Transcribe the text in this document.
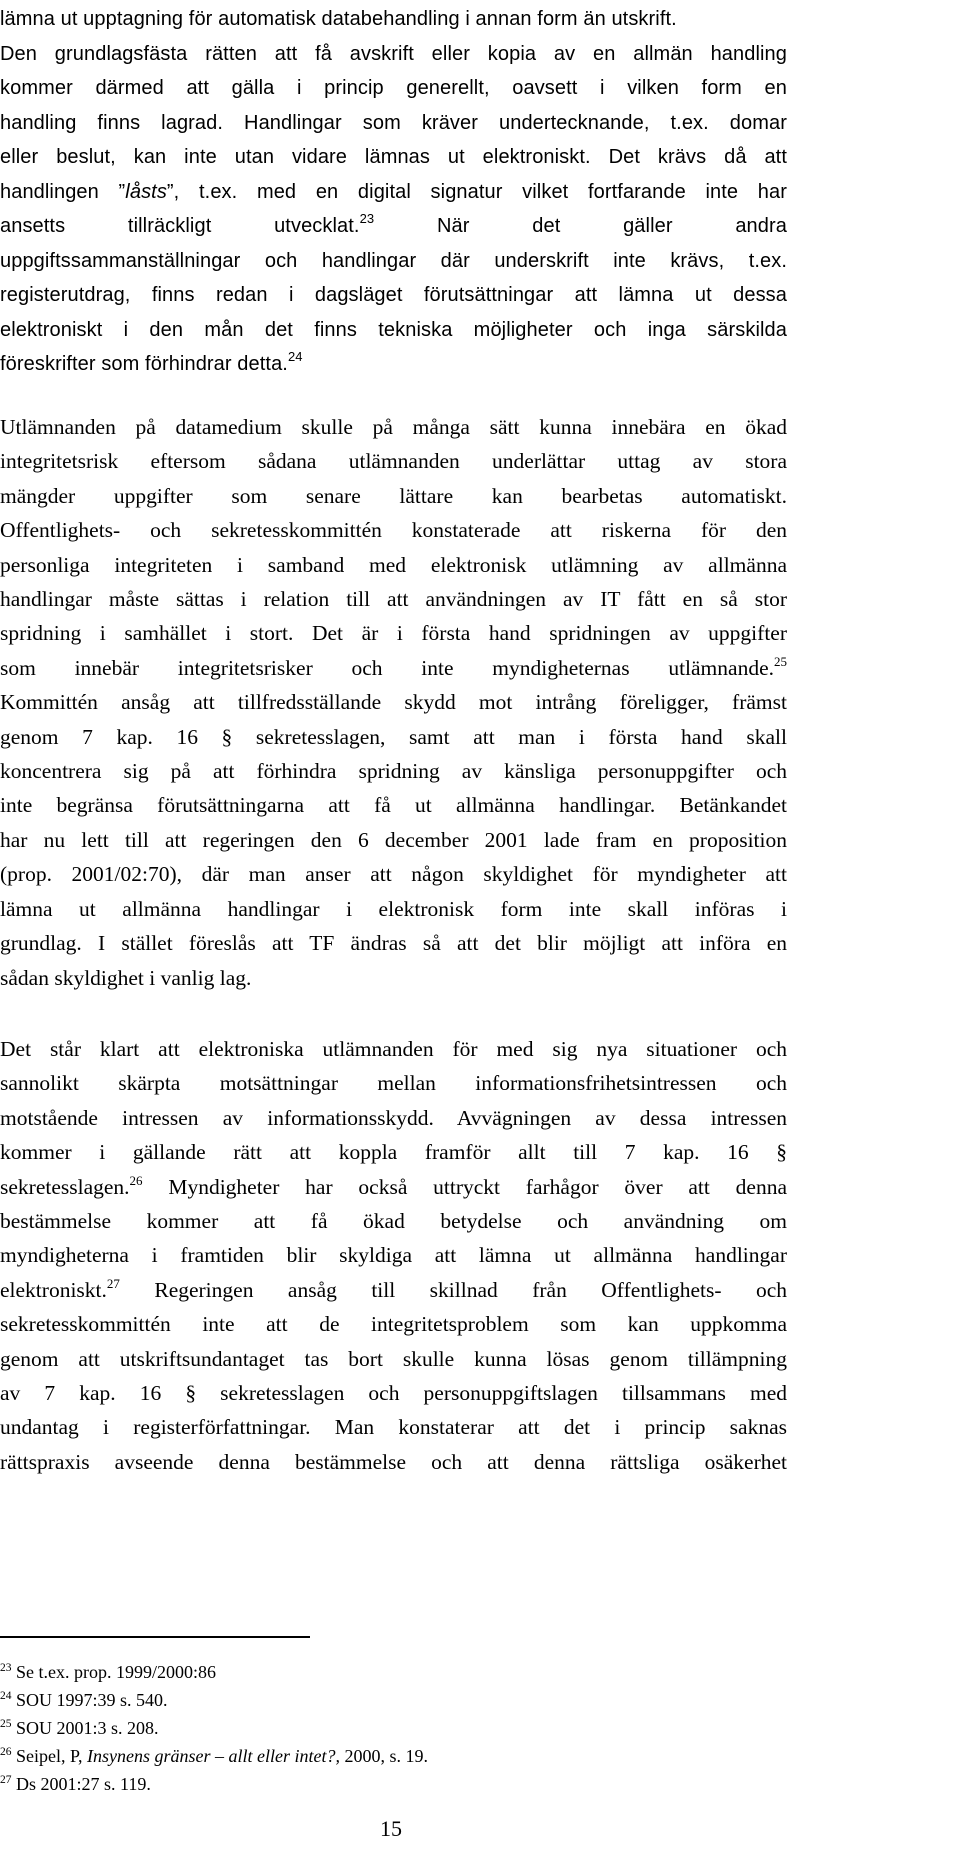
lämna ut upptagning för automatisk databehandling i annan form än utskrift.
Den grundlagsfästa rätten att få avskrift eller kopia av en allmän handling
kommer därmed att gälla i princip generellt, oavsett i vilken form en
handling finns lagrad. Handlingar som kräver undertecknande, t.ex. domar
eller beslut, kan inte utan vidare lämnas ut elektroniskt. Det krävs då att
handlingen ”låsts”, t.ex. med en digital signatur vilket fortfarande inte har
ansetts tillräckligt utvecklat.$^{23}$ När det gäller andra
uppgiftssammanställningar och handlingar där underskrift inte krävs, t.ex.
registerutdrag, finns redan i dagsläget förutsättningar att lämna ut dessa
elektroniskt i den mån det finns tekniska möjligheter och inga särskilda
föreskrifter som förhindrar detta.$^{24}$
Utlämnanden på datamedium skulle på många sätt kunna innebära en ökad
integritetsrisk eftersom sådana utlämnanden underlättar uttag av stora
mängder uppgifter som senare lättare kan bearbetas automatiskt.
Offentlighets- och sekretesskommittén konstaterade att riskerna för den
personliga integriteten i samband med elektronisk utlämning av allmänna
handlingar måste sättas i relation till att användningen av IT fått en så stor
spridning i samhället i stort. Det är i första hand spridningen av uppgifter
som innebär integritetsrisker och inte myndigheternas utlämnande.$^{25}$
Kommittén ansåg att tillfredsställande skydd mot intrång föreligger, främst
genom 7 kap. 16 § sekretesslagen, samt att man i första hand skall
koncentrera sig på att förhindra spridning av känsliga personuppgifter och
inte begränsa förutsättningarna att få ut allmänna handlingar. Betänkandet
har nu lett till att regeringen den 6 december 2001 lade fram en proposition
(prop. 2001/02:70), där man anser att någon skyldighet för myndigheter att
lämna ut allmänna handlingar i elektronisk form inte skall införas i
grundlag. I stället föreslås att TF ändras så att det blir möjligt att införa en
sådan skyldighet i vanlig lag.
Det står klart att elektroniska utlämnanden för med sig nya situationer och
sannolikt skärpta motsättningar mellan informationsfrihetsintressen och
motstående intressen av informationsskydd. Avvägningen av dessa intressen
kommer i gällande rätt att koppla framför allt till 7 kap. 16 §
sekretesslagen.$^{26}$ Myndigheter har också uttryckt farhågor över att denna
bestämmelse kommer att få ökad betydelse och användning om
myndigheterna i framtiden blir skyldiga att lämna ut allmänna handlingar
elektroniskt.$^{27}$ Regeringen ansåg till skillnad från Offentlighets- och
sekretesskommittén inte att de integritetsproblem som kan uppkomma
genom att utskriftsundantaget tas bort skulle kunna lösas genom tillämpning
av 7 kap. 16 § sekretesslagen och personuppgiftslagen tillsammans med
undantag i registerförfattningar. Man konstaterar att det i princip saknas
rättspraxis avseende denna bestämmelse och att denna rättsliga osäkerhet
$^{23}$ Se t.ex. prop. 1999/2000:86
$^{24}$ SOU 1997:39 s. 540.
$^{25}$ SOU 2001:3 s. 208.
$^{26}$ Seipel, P, Insynens gränser – allt eller intet?, 2000, s. 19.
$^{27}$ Ds 2001:27 s. 119.
15
